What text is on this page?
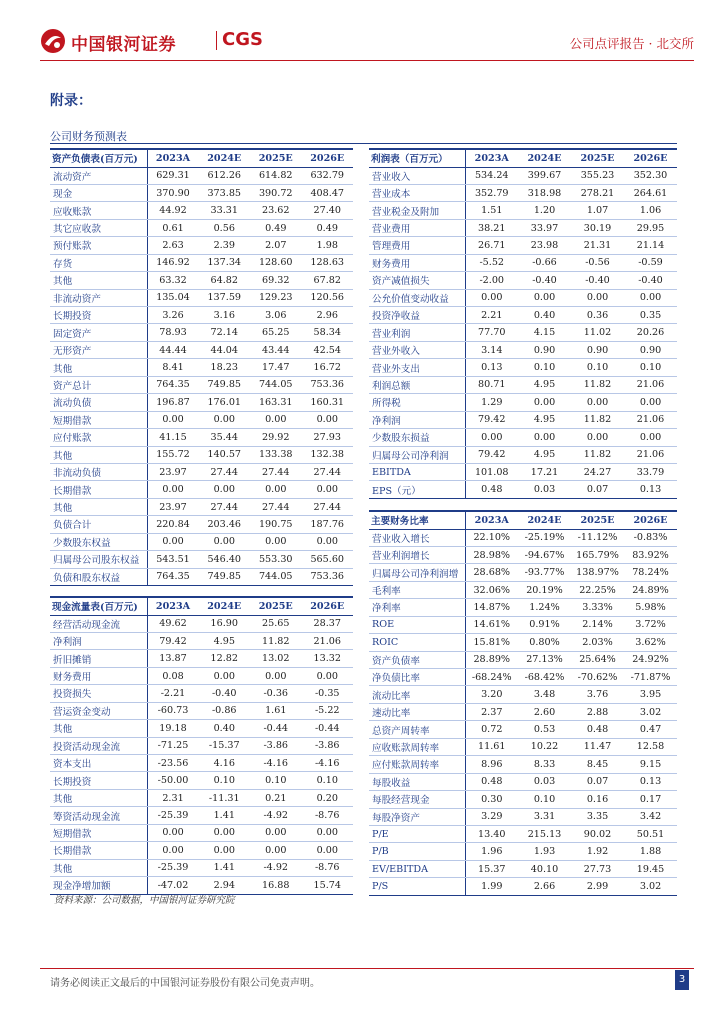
中国银河证券	CGS	公司点评报告 · 北交所
附录：
公司财务预测表
资产负债表(百万元)	2023A	2024E	2025E	2026E
流动资产	629.31	612.26	614.82	632.79
现金	370.90	373.85	390.72	408.47
应收账款	44.92	33.31	23.62	27.40
其它应收款	0.61	0.56	0.49	0.49
预付账款	2.63	2.39	2.07	1.98
存货	146.92	137.34	128.60	128.63
其他	63.32	64.82	69.32	67.82
非流动资产	135.04	137.59	129.23	120.56
长期投资	3.26	3.16	3.06	2.96
固定资产	78.93	72.14	65.25	58.34
无形资产	44.44	44.04	43.44	42.54
其他	8.41	18.23	17.47	16.72
资产总计	764.35	749.85	744.05	753.36
流动负债	196.87	176.01	163.31	160.31
短期借款	0.00	0.00	0.00	0.00
应付账款	41.15	35.44	29.92	27.93
其他	155.72	140.57	133.38	132.38
非流动负债	23.97	27.44	27.44	27.44
长期借款	0.00	0.00	0.00	0.00
其他	23.97	27.44	27.44	27.44
负债合计	220.84	203.46	190.75	187.76
少数股东权益	0.00	0.00	0.00	0.00
归属母公司股东权益	543.51	546.40	553.30	565.60
负债和股东权益	764.35	749.85	744.05	753.36
利润表（百万元）	2023A	2024E	2025E	2026E
营业收入	534.24	399.67	355.23	352.30
营业成本	352.79	318.98	278.21	264.61
营业税金及附加	1.51	1.20	1.07	1.06
营业费用	38.21	33.97	30.19	29.95
管理费用	26.71	23.98	21.31	21.14
财务费用	-5.52	-0.66	-0.56	-0.59
资产减值损失	-2.00	-0.40	-0.40	-0.40
公允价值变动收益	0.00	0.00	0.00	0.00
投资净收益	2.21	0.40	0.36	0.35
营业利润	77.70	4.15	11.02	20.26
营业外收入	3.14	0.90	0.90	0.90
营业外支出	0.13	0.10	0.10	0.10
利润总额	80.71	4.95	11.82	21.06
所得税	1.29	0.00	0.00	0.00
净利润	79.42	4.95	11.82	21.06
少数股东损益	0.00	0.00	0.00	0.00
归属母公司净利润	79.42	4.95	11.82	21.06
EBITDA	101.08	17.21	24.27	33.79
EPS（元）	0.48	0.03	0.07	0.13
主要财务比率	2023A	2024E	2025E	2026E
营业收入增长	22.10%	-25.19%	-11.12%	-0.83%
营业利润增长	28.98%	-94.67%	165.79%	83.92%
归属母公司净利润增	28.68%	-93.77%	138.97%	78.24%
毛利率	32.06%	20.19%	22.25%	24.89%
净利率	14.87%	1.24%	3.33%	5.98%
ROE	14.61%	0.91%	2.14%	3.72%
ROIC	15.81%	0.80%	2.03%	3.62%
资产负债率	28.89%	27.13%	25.64%	24.92%
净负债比率	-68.24%	-68.42%	-70.62%	-71.87%
流动比率	3.20	3.48	3.76	3.95
速动比率	2.37	2.60	2.88	3.02
总资产周转率	0.72	0.53	0.48	0.47
应收账款周转率	11.61	10.22	11.47	12.58
应付账款周转率	8.96	8.33	8.45	9.15
每股收益	0.48	0.03	0.07	0.13
每股经营现金	0.30	0.10	0.16	0.17
每股净资产	3.29	3.31	3.35	3.42
P/E	13.40	215.13	90.02	50.51
P/B	1.96	1.93	1.92	1.88
EV/EBITDA	15.37	40.10	27.73	19.45
P/S	1.99	2.66	2.99	3.02
现金流量表(百万元)	2023A	2024E	2025E	2026E
经营活动现金流	49.62	16.90	25.65	28.37
净利润	79.42	4.95	11.82	21.06
折旧摊销	13.87	12.82	13.02	13.32
财务费用	0.08	0.00	0.00	0.00
投资损失	-2.21	-0.40	-0.36	-0.35
营运资金变动	-60.73	-0.86	1.61	-5.22
其他	19.18	0.40	-0.44	-0.44
投资活动现金流	-71.25	-15.37	-3.86	-3.86
资本支出	-23.56	4.16	-4.16	-4.16
长期投资	-50.00	0.10	0.10	0.10
其他	2.31	-11.31	0.21	0.20
筹资活动现金流	-25.39	1.41	-4.92	-8.76
短期借款	0.00	0.00	0.00	0.00
长期借款	0.00	0.00	0.00	0.00
其他	-25.39	1.41	-4.92	-8.76
现金净增加额	-47.02	2.94	16.88	15.74
资料来源：公司数据，中国银河证券研究院
请务必阅读正文最后的中国银河证券股份有限公司免责声明。	3
